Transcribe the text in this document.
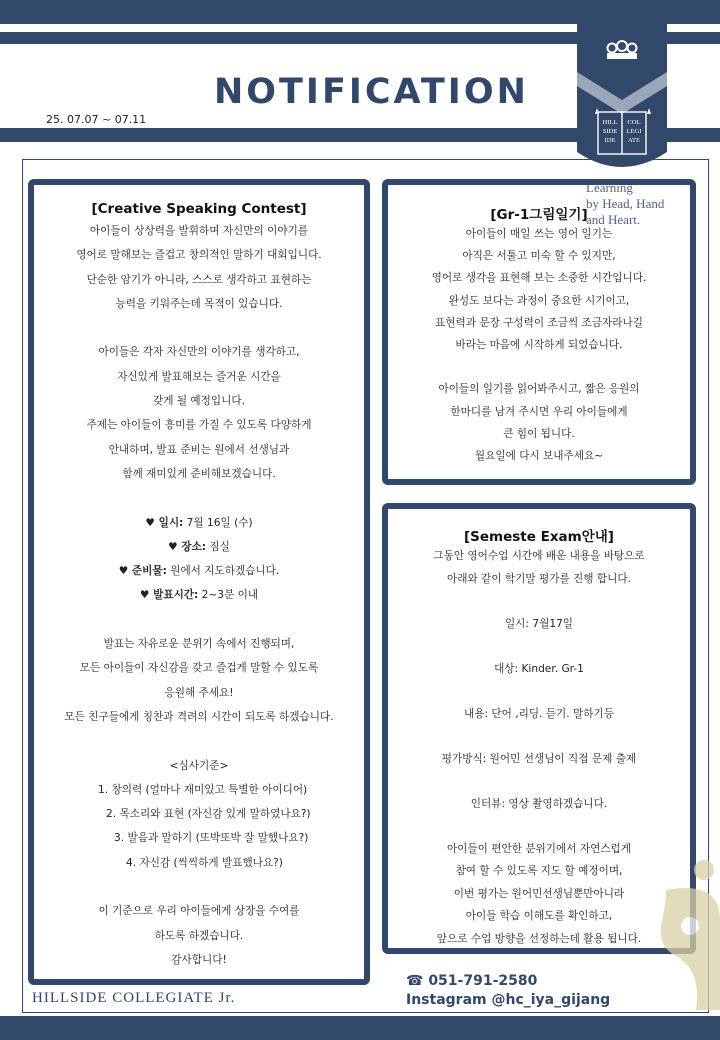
NOTIFICATION
25. 07.07 ~ 07.11	HILL
SIDE
IDE
COL
LEGI
ATE
[Creative Speaking Contest]
아이들이 상상력을 발휘하며 자신만의 이야기를
영어로 말해보는 즐겁고 창의적인 말하기 대회입니다.
단순한 암기가 아니라, 스스로 생각하고 표현하는
능력을 키워주는데 목적이 있습니다.
아이들은 각자 자신만의 이야기를 생각하고,
자신있게 발표해보는 즐거운 시간을
갖게 될 예정입니다.
주제는 아이들이 흥미를 가질 수 있도록 다양하게
안내하며, 발표 준비는 원에서 선생님과
함께 재미있게 준비해보겠습니다.
♥ 일시: 7월 16일 (수)
♥ 장소: 짐실
♥ 준비물: 원에서 지도하겠습니다.
♥ 발표시간: 2~3분 이내
발표는 자유로운 분위기 속에서 진행되며,
모든 아이들이 자신감을 갖고 즐겁게 말할 수 있도록
응원해 주세요!
모든 친구들에게 칭찬과 격려의 시간이 되도록 하겠습니다.
<심사기준>
1. 창의력 (얼마나 재미있고 특별한 아이디어)
2. 목소리와 표현 (자신감 있게 말하였나요?)
3. 발음과 말하기 (또박또박 잘 말했나요?)
4. 자신감 (씩씩하게 발표했나요?)
이 기준으로 우리 아이들에게 상장을 수여를
하도록 하겠습니다.
감사합니다!
[Gr-1그림일기]
아이들이 매일 쓰는 영어 일기는
아직은 서툴고 미숙 할 수 있지만,
영어로 생각을 표현해 보는 소중한 시간입니다.
완성도 보다는 과정이 중요한 시기이고,
표현력과 문장 구성력이 조금씩 조금자라나길
바라는 마음에 시작하게 되었습니다.
아이들의 일기를 읽어봐주시고, 짧은 응원의
한마디를 남겨 주시면 우리 아이들에게
큰 힘이 됩니다.
월요일에 다시 보내주세요~
Learning
by Head, Hand
and Heart.
[Semeste Exam안내]
그동안 영어수업 시간에 배운 내용을 바탕으로
아래와 같이 학기말 평가를 진행 합니다.
일시: 7월17일
대상: Kinder. Gr-1
내용: 단어 ,리딩. 듣기. 말하기등
평가방식: 원어민 선생님이 직접 문제 출제
인터뷰: 영상 촬영하겠습니다.
아이들이 편안한 분위기에서 자연스럽게
참여 할 수 있도록 지도 할 예정이며,
이번 평가는 원어민선생님뿐만아니라
아이들 학습 이해도를 확인하고,
앞으로 수업 방향을 선정하는데 활용 됩니다.
HILLSIDE COLLEGIATE Jr.
☎ 051-791-2580
Instagram @hc_iya_gijang
